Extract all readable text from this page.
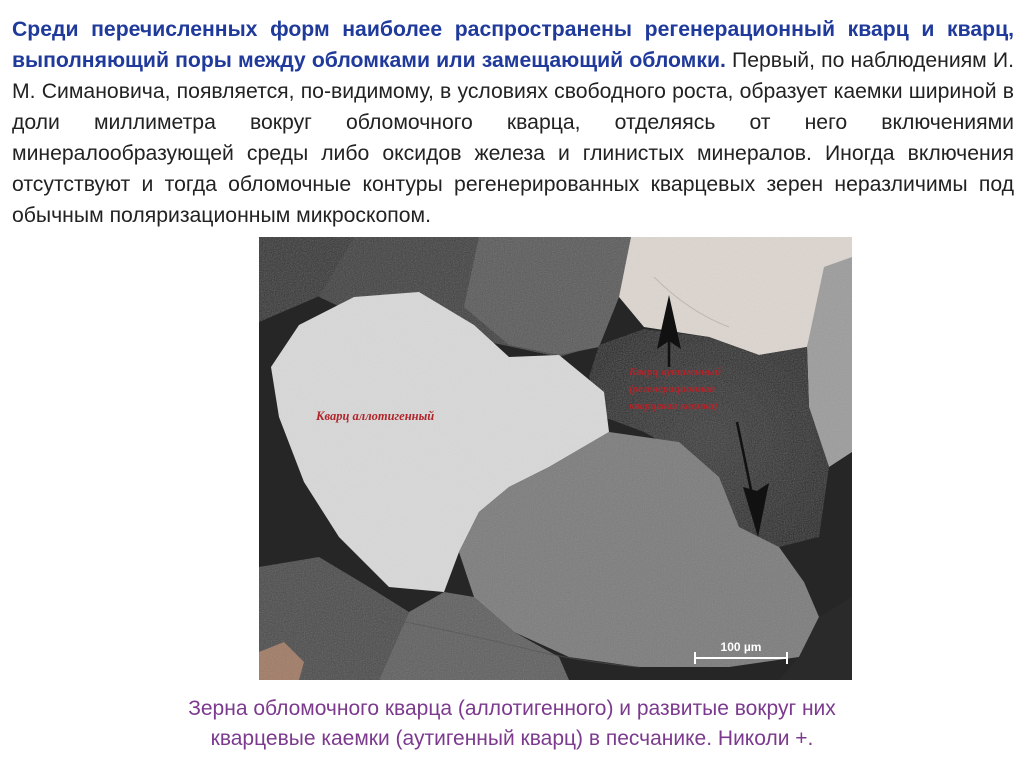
Среди перечисленных форм наиболее распространены регенерационный кварц и кварц, выполняющий поры между обломками или замещающий обломки. Первый, по наблюдениям И. М. Симановича, появляется, по-видимому, в условиях свободного роста, образует каемки шириной в доли миллиметра вокруг обломочного кварца, отделяясь от него включениями минералообразующей среды либо оксидов железа и глинистых минералов. Иногда включения отсутствуют и тогда обломочные контуры регенерированных кварцевых зерен неразличимы под обычным поляризационным микроскопом.

Кварц аллотигенный
Кварц аутигенный
(регенерационная
кварцевая каемка)
100 µm
Зерна обломочного кварца (аллотигенного) и развитые вокруг них
кварцевые каемки (аутигенный кварц) в песчанике. Николи +.
